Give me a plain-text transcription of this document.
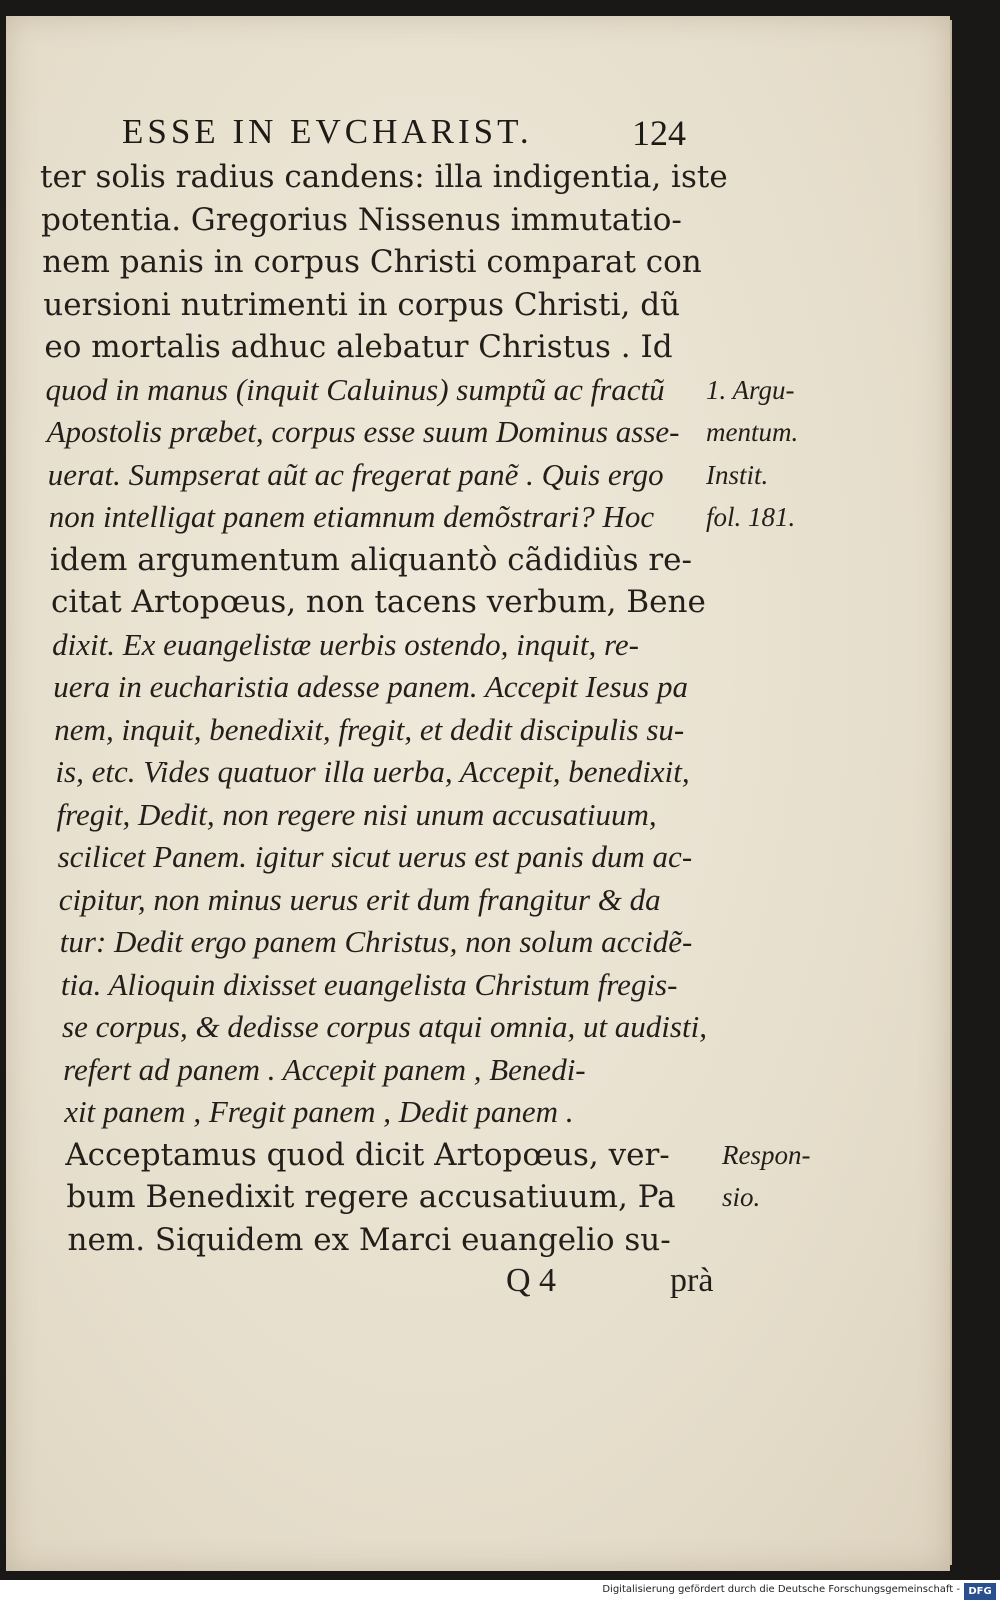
ESSE IN EVCHARIST.	124
ter solis radius candens: illa indigentia, iste
potentia. Gregorius Nissenus immutatio-
nem panis in corpus Christi comparat con
uersioni nutrimenti in corpus Christi, dũ
eo mortalis adhuc alebatur Christus . Id
quod in manus (inquit Caluinus) sumptũ ac fractũ
Apostolis præbet, corpus esse suum Dominus asse-
uerat. Sumpserat aũt ac fregerat panẽ . Quis ergo
non intelligat panem etiamnum demõstrari? Hoc
idem argumentum aliquantò cãdidiùs re-
citat Artopœus, non tacens verbum, Bene
dixit. Ex euangelistæ uerbis ostendo, inquit, re-
uera in eucharistia adesse panem. Accepit Iesus pa
nem, inquit, benedixit, fregit, et dedit discipulis su-
is, etc. Vides quatuor illa uerba, Accepit, benedixit,
fregit, Dedit, non regere nisi unum accusatiuum,
scilicet Panem. igitur sicut uerus est panis dum ac-
cipitur, non minus uerus erit dum frangitur & da
tur: Dedit ergo panem Christus, non solum accidẽ-
tia. Alioquin dixisset euangelista Christum fregis-
se corpus, & dedisse corpus atqui omnia, ut audisti,
refert ad panem . Accepit panem , Benedi-
xit panem , Fregit panem , Dedit panem .
Acceptamus quod dicit Artopœus, ver-
bum Benedixit regere accusatiuum, Pa
nem. Siquidem ex Marci euangelio su-
1. Argu-
mentum.
Instit.
fol. 181.
Respon-
sio.
Q 4	prà
Digitalisierung gefördert durch die Deutsche Forschungsgemeinschaft - DFG
